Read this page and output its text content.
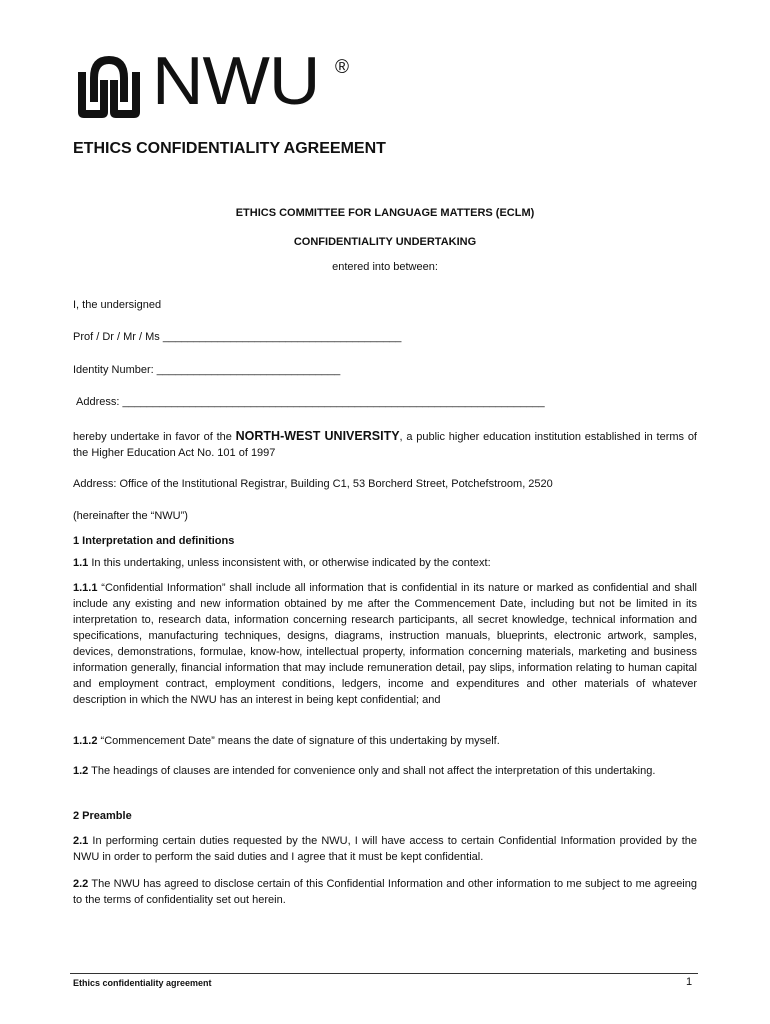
NWU ®
ETHICS CONFIDENTIALITY AGREEMENT
ETHICS COMMITTEE FOR LANGUAGE MATTERS (ECLM)
CONFIDENTIALITY UNDERTAKING
entered into between:
I, the undersigned
Prof / Dr / Mr / Ms _______________________________________
Identity Number: ______________________________
Address: _____________________________________________________________________
hereby undertake in favor of the NORTH-WEST UNIVERSITY, a public higher education institution established in terms of the Higher Education Act No. 101 of 1997
Address: Office of the Institutional Registrar, Building C1, 53 Borcherd Street, Potchefstroom, 2520
(hereinafter the “NWU”)
1 Interpretation and definitions
1.1 In this undertaking, unless inconsistent with, or otherwise indicated by the context:
1.1.1 “Confidential Information” shall include all information that is confidential in its nature or marked as confidential and shall include any existing and new information obtained by me after the Commencement Date, including but not be limited in its interpretation to, research data, information concerning research participants, all secret knowledge, technical information and specifications, manufacturing techniques, designs, diagrams, instruction manuals, blueprints, electronic artwork, samples, devices, demonstrations, formulae, know-how, intellectual property, information concerning materials, marketing and business information generally, financial information that may include remuneration detail, pay slips, information relating to human capital and employment contract, employment conditions, ledgers, income and expenditures and other materials of whatever description in which the NWU has an interest in being kept confidential; and
1.1.2 “Commencement Date” means the date of signature of this undertaking by myself.
1.2 The headings of clauses are intended for convenience only and shall not affect the interpretation of this undertaking.
2 Preamble
2.1 In performing certain duties requested by the NWU, I will have access to certain Confidential Information provided by the NWU in order to perform the said duties and I agree that it must be kept confidential.
2.2 The NWU has agreed to disclose certain of this Confidential Information and other information to me subject to me agreeing to the terms of confidentiality set out herein.
Ethics confidentiality agreement	1
